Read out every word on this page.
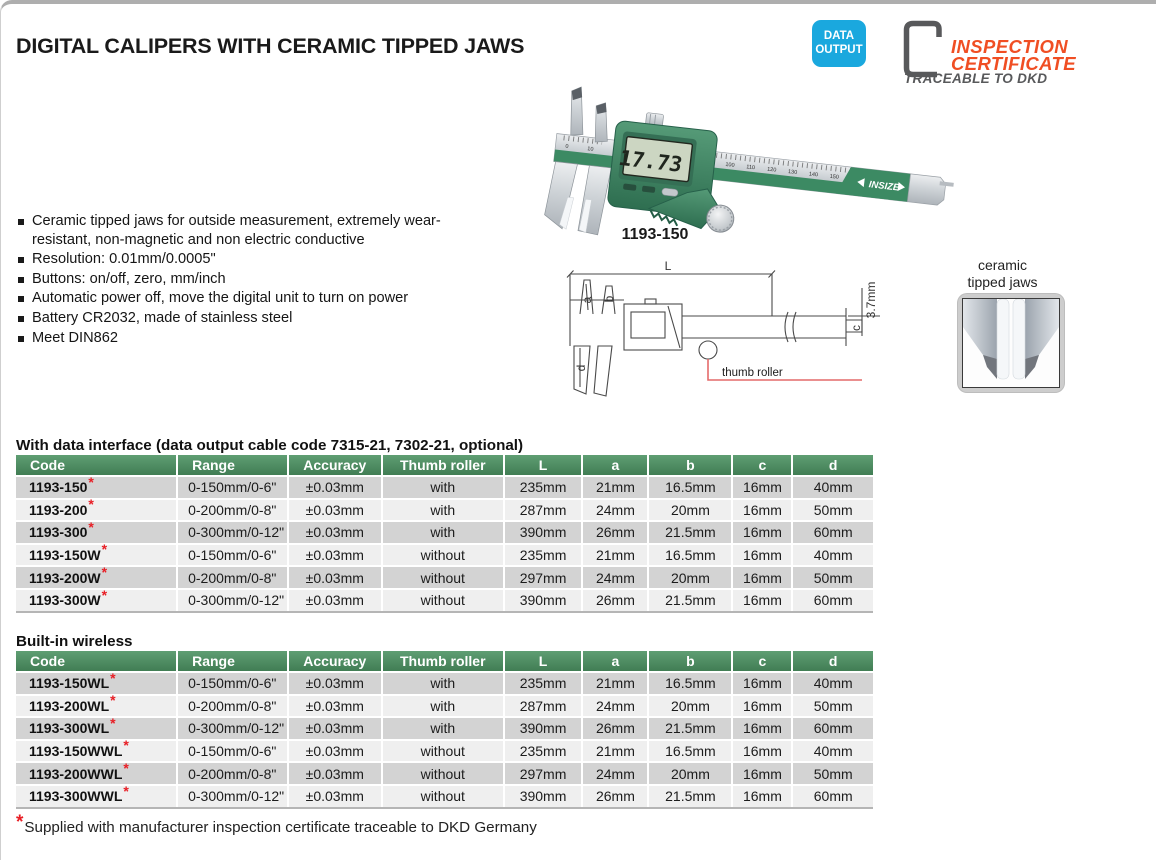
DIGITAL CALIPERS WITH CERAMIC TIPPED JAWS	DATA
OUTPUT	INSPECTION
CERTIFICATE
TRACEABLE TO DKD
Ceramic tipped jaws for outside measurement, extremely wear-resistant, non-magnetic and non electric conductive
Resolution: 0.01mm/0.0005"
Buttons: on/off, zero, mm/inch
Automatic power off, move the digital unit to turn on power
Battery CR2032, made of stainless steel
Meet DIN862
100 110 120 130 140 150
0	10
INSIZE
17.73
1193-150
L
a b
c
d
3.7mm
thumb roller
ceramic
tipped jaws
With data interface (data output cable code 7315-21, 7302-21, optional)
Code	Range	Accuracy	Thumb roller	L	a	b	c	d
1193-150*	0-150mm/0-6"	±0.03mm	with	235mm	21mm	16.5mm	16mm	40mm
1193-200*	0-200mm/0-8"	±0.03mm	with	287mm	24mm	20mm	16mm	50mm
1193-300*	0-300mm/0-12"	±0.03mm	with	390mm	26mm	21.5mm	16mm	60mm
1193-150W*	0-150mm/0-6"	±0.03mm	without	235mm	21mm	16.5mm	16mm	40mm
1193-200W*	0-200mm/0-8"	±0.03mm	without	297mm	24mm	20mm	16mm	50mm
1193-300W*	0-300mm/0-12"	±0.03mm	without	390mm	26mm	21.5mm	16mm	60mm
Built-in wireless
Code	Range	Accuracy	Thumb roller	L	a	b	c	d
1193-150WL*	0-150mm/0-6"	±0.03mm	with	235mm	21mm	16.5mm	16mm	40mm
1193-200WL*	0-200mm/0-8"	±0.03mm	with	287mm	24mm	20mm	16mm	50mm
1193-300WL*	0-300mm/0-12"	±0.03mm	with	390mm	26mm	21.5mm	16mm	60mm
1193-150WWL*	0-150mm/0-6"	±0.03mm	without	235mm	21mm	16.5mm	16mm	40mm
1193-200WWL*	0-200mm/0-8"	±0.03mm	without	297mm	24mm	20mm	16mm	50mm
1193-300WWL*	0-300mm/0-12"	±0.03mm	without	390mm	26mm	21.5mm	16mm	60mm
*Supplied with manufacturer inspection certificate traceable to DKD Germany
